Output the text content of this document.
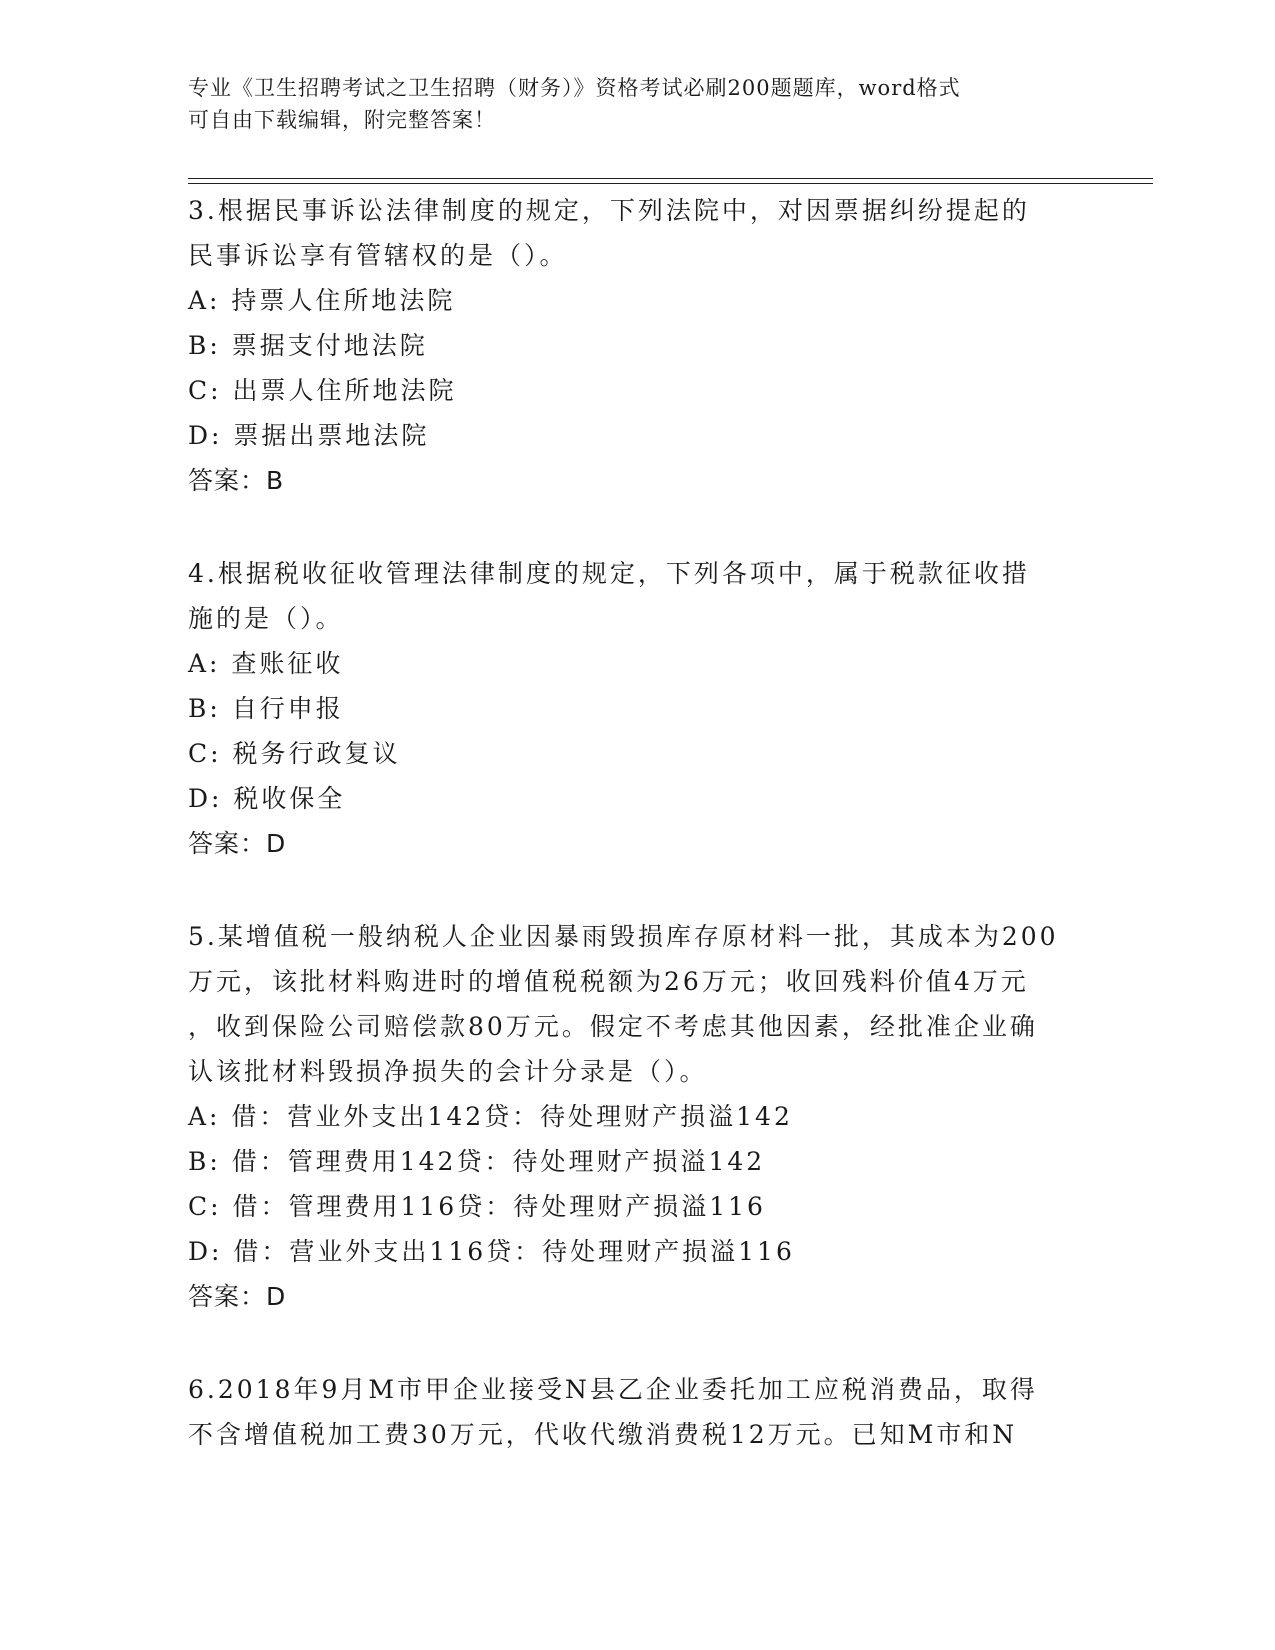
专业《卫生招聘考试之卫生招聘（财务）》资格考试必刷200题题库，word格式
可自由下载编辑，附完整答案！

3.根据民事诉讼法律制度的规定，下列法院中，对因票据纠纷提起的

民事诉讼享有管辖权的是（）。

A: 持票人住所地法院

B: 票据支付地法院

C: 出票人住所地法院

D: 票据出票地法院

答案：B

4.根据税收征收管理法律制度的规定，下列各项中，属于税款征收措

施的是（）。

A: 查账征收

B: 自行申报

C: 税务行政复议

D: 税收保全

答案：D

5.某增值税一般纳税人企业因暴雨毁损库存原材料一批，其成本为200

万元，该批材料购进时的增值税税额为26万元；收回残料价值4万元

，收到保险公司赔偿款80万元。假定不考虑其他因素，经批准企业确

认该批材料毁损净损失的会计分录是（）。

A: 借：营业外支出142贷：待处理财产损溢142

B: 借：管理费用142贷：待处理财产损溢142

C: 借：管理费用116贷：待处理财产损溢116

D: 借：营业外支出116贷：待处理财产损溢116

答案：D

6.2018年9月M市甲企业接受N县乙企业委托加工应税消费品，取得

不含增值税加工费30万元，代收代缴消费税12万元。已知M市和N
